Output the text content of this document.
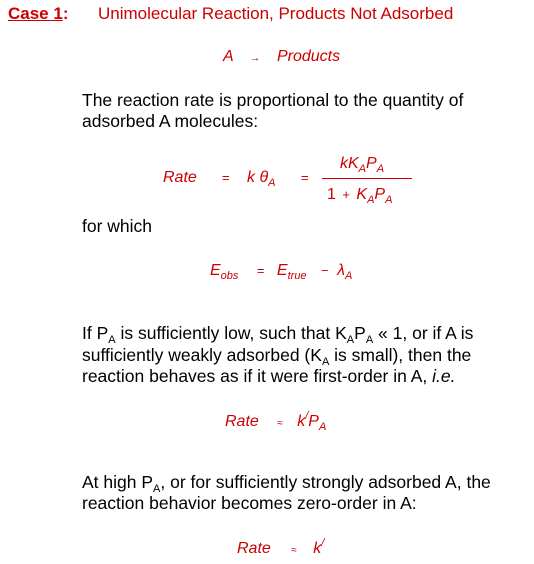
Case 1: Unimolecular Reaction, Products Not Adsorbed
A → Products
The reaction rate is proportional to the quantity of
adsorbed A molecules:
Rate = k $\theta_A$ =
$kK_AP_A$
$1 + K_AP_A$
for which
$E_{obs} = E_{true} - \lambda_A$
If $P_A$ is sufficiently low, such that $K_AP_A$ « 1, or if A is
sufficiently weakly adsorbed ($K_A$ is small), then the
reaction behaves as if it were first-order in A, i.e.
Rate ≈ $k^/P_A$
At high $P_A$, or for sufficiently strongly adsorbed A, the
reaction behavior becomes zero-order in A:
Rate ≈ k/
